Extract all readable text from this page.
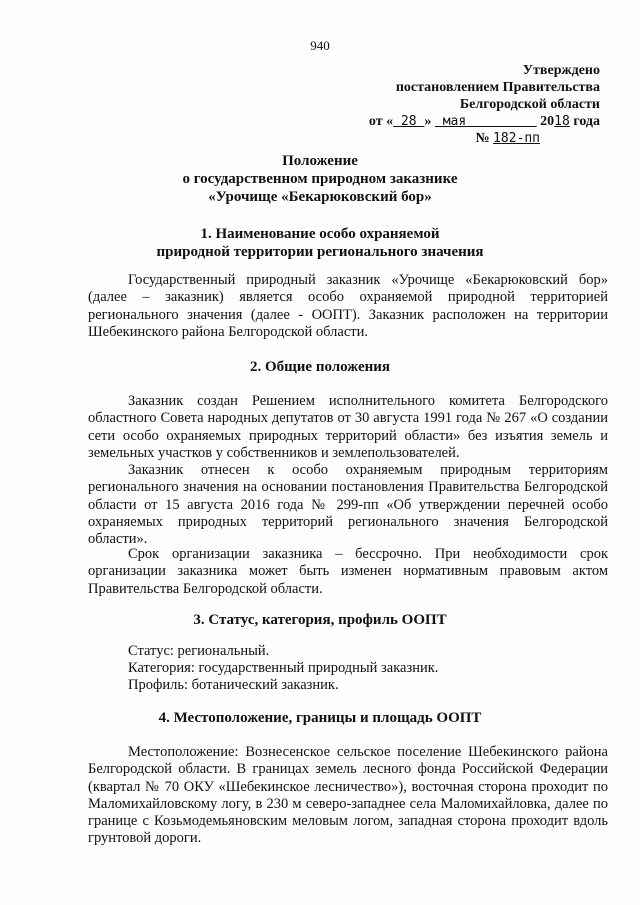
940
Утверждено
постановлением Правительства
Белгородской области
от « 28 » мая	2018 года
№ 182-пп
Положение
о государственном природном заказнике
«Урочище «Бекарюковский бор»
1. Наименование особо охраняемой
природной территории регионального значения
Государственный природный заказник «Урочище «Бекарюковский бор» (далее – заказник) является особо охраняемой природной территорией регионального значения (далее - ООПТ). Заказник расположен на территории Шебекинского района Белгородской области.
2. Общие положения
Заказник создан Решением исполнительного комитета Белгородского областного Совета народных депутатов от 30 августа 1991 года № 267 «О создании сети особо охраняемых природных территорий области» без изъятия земель и земельных участков у собственников и землепользователей.
Заказник отнесен к особо охраняемым природным территориям регионального значения на основании постановления Правительства Белгородской области от 15 августа 2016 года № 299-пп «Об утверждении перечней особо охраняемых природных территорий регионального значения Белгородской области».
Срок организации заказника – бессрочно. При необходимости срок организации заказника может быть изменен нормативным правовым актом Правительства Белгородской области.
3. Статус, категория, профиль ООПТ
Статус: региональный.
Категория: государственный природный заказник.
Профиль: ботанический заказник.
4. Местоположение, границы и площадь ООПТ
Местоположение: Вознесенское сельское поселение Шебекинского района Белгородской области. В границах земель лесного фонда Российской Федерации (квартал № 70 ОКУ «Шебекинское лесничество»), восточная сторона проходит по Маломихайловскому логу, в 230 м северо-западнее села Маломихайловка, далее по границе с Козьмодемьяновским меловым логом, западная сторона проходит вдоль грунтовой дороги.
